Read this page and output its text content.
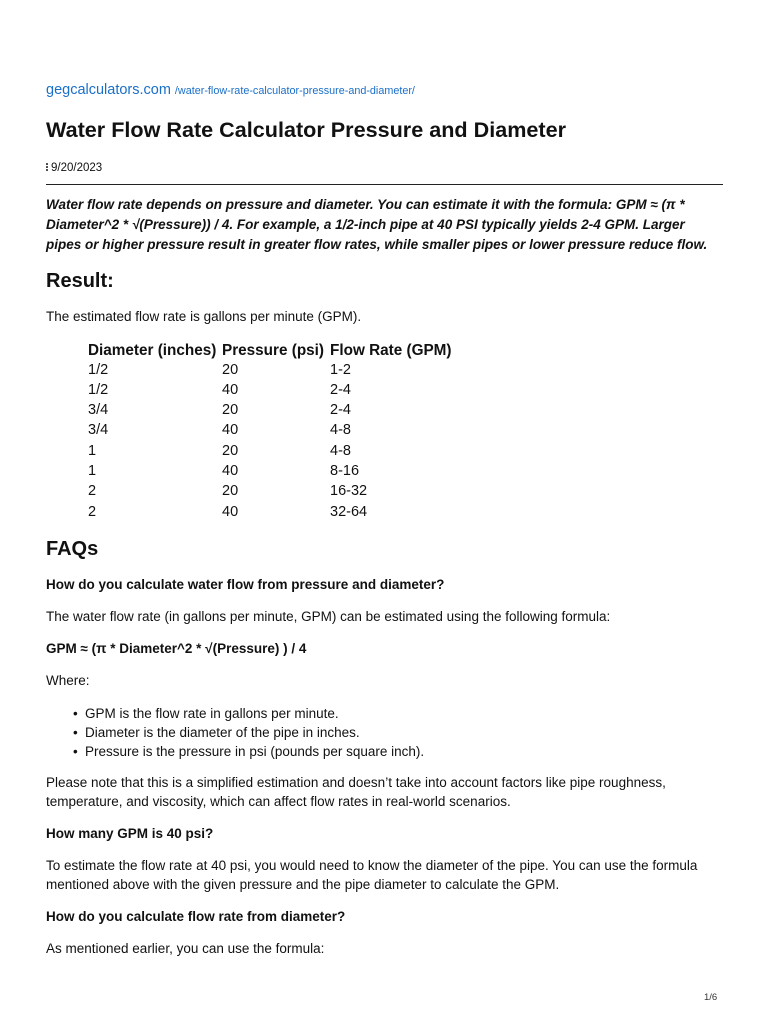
gegcalculators.com /water-flow-rate-calculator-pressure-and-diameter/
Water Flow Rate Calculator Pressure and Diameter
9/20/2023

Water flow rate depends on pressure and diameter. You can estimate it with the formula: GPM ≈ (π * Diameter^2 * √(Pressure)) / 4. For example, a 1/2-inch pipe at 40 PSI typically yields 2-4 GPM. Larger pipes or higher pressure result in greater flow rates, while smaller pipes or lower pressure reduce flow.

Result:

The estimated flow rate is gallons per minute (GPM).

Diameter (inches)	Pressure (psi)	Flow Rate (GPM)
1/2	20	1-2
1/2	40	2-4
3/4	20	2-4
3/4	40	4-8
1	20	4-8
1	40	8-16
2	20	16-32
2	40	32-64
FAQs

How do you calculate water flow from pressure and diameter?

The water flow rate (in gallons per minute, GPM) can be estimated using the following formula:

GPM ≈ (π * Diameter^2 * √(Pressure) ) / 4

Where:

• GPM is the flow rate in gallons per minute.
• Diameter is the diameter of the pipe in inches.
• Pressure is the pressure in psi (pounds per square inch).

Please note that this is a simplified estimation and doesn’t take into account factors like pipe roughness, temperature, and viscosity, which can affect flow rates in real-world scenarios.

How many GPM is 40 psi?

To estimate the flow rate at 40 psi, you would need to know the diameter of the pipe. You can use the formula mentioned above with the given pressure and the pipe diameter to calculate the GPM.

How do you calculate flow rate from diameter?

As mentioned earlier, you can use the formula:

1/6
